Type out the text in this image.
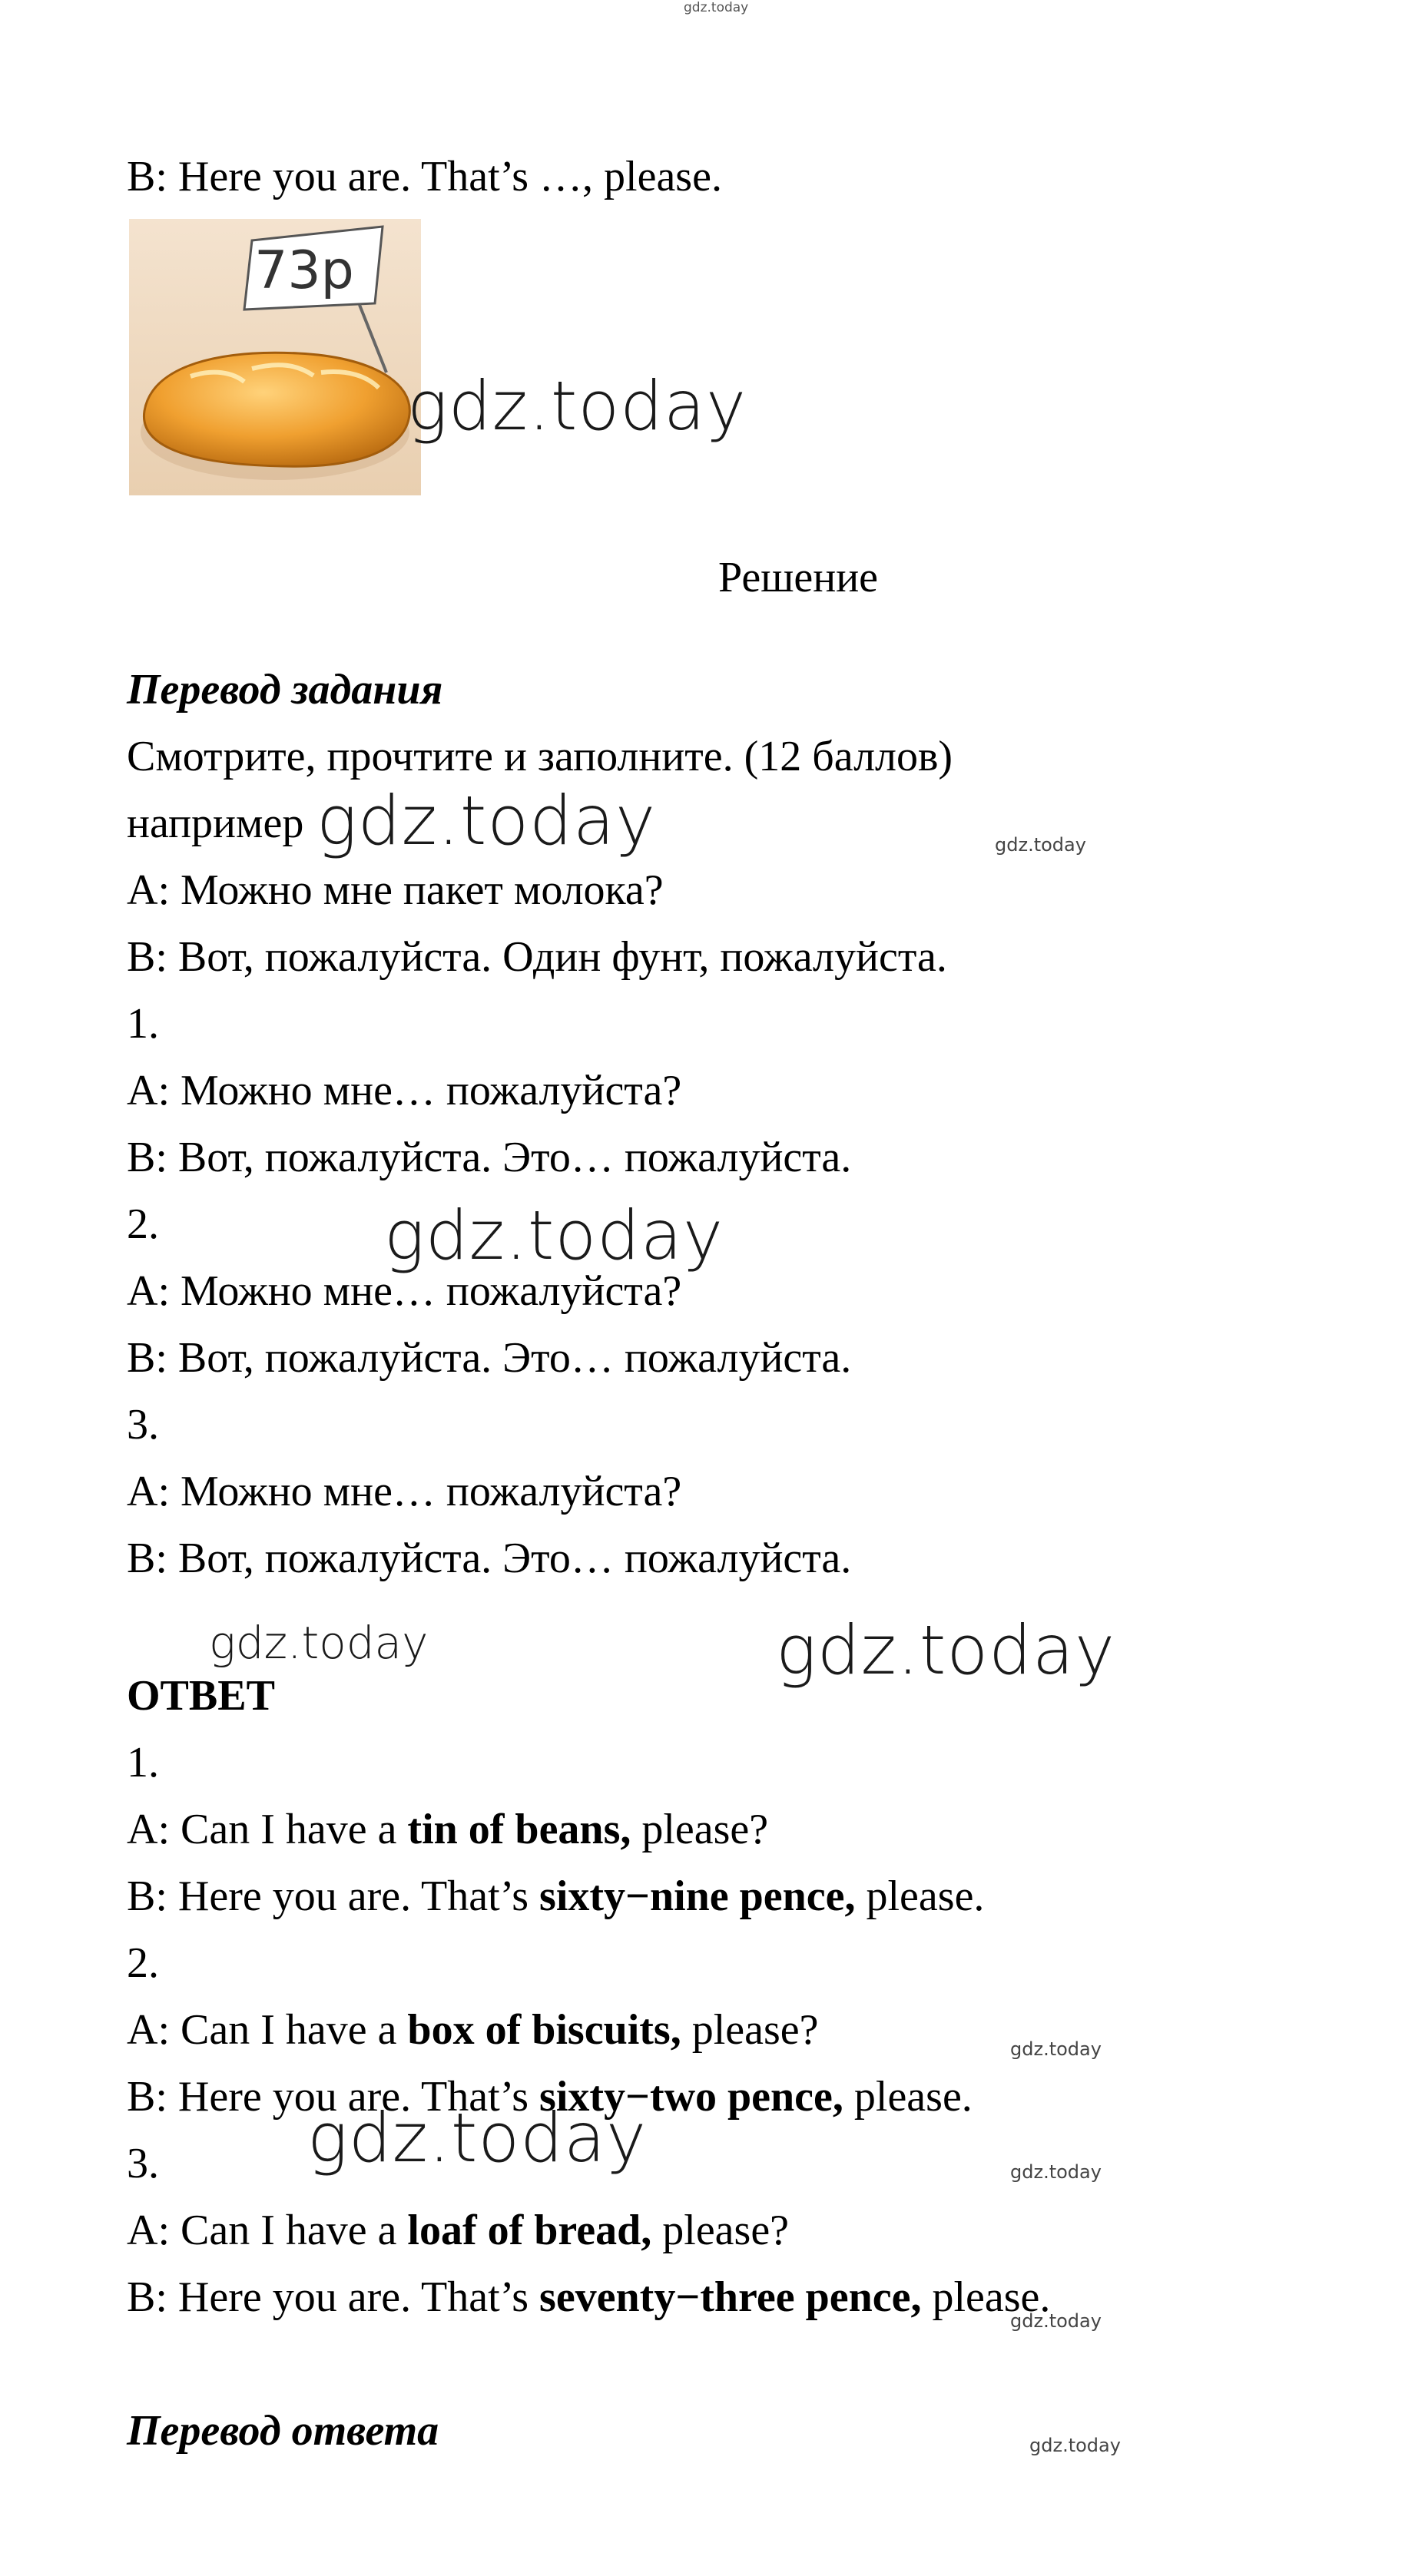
gdz.today
B: Here you are. That’s …, please.
73p
gdz.today
Решение
Перевод задания
Смотрите, прочтите и заполните. (12 баллов)
например gdz.today	gdz.today
A: Можно мне пакет молока?
B: Вот, пожалуйста. Один фунт, пожалуйста.
1.
A: Можно мне… пожалуйста?
B: Вот, пожалуйста. Это… пожалуйста.
2.	gdz.today
A: Можно мне… пожалуйста?
B: Вот, пожалуйста. Это… пожалуйста.
3.
A: Можно мне… пожалуйста?
B: Вот, пожалуйста. Это… пожалуйста.
gdz.today	gdz.today
ОТВЕТ
1.
A: Can I have a tin of beans, please?
B: Here you are. That’s sixty−nine pence, please.
2.
A: Can I have a box of biscuits, please?	gdz.today
B: Here you are. That’s sixty−two pence, please.
gdz.today
3.	gdz.today
A: Can I have a loaf of bread, please?
B: Here you are. That’s seventy−three pence, please.
gdz.today
Перевод ответа	gdz.today
